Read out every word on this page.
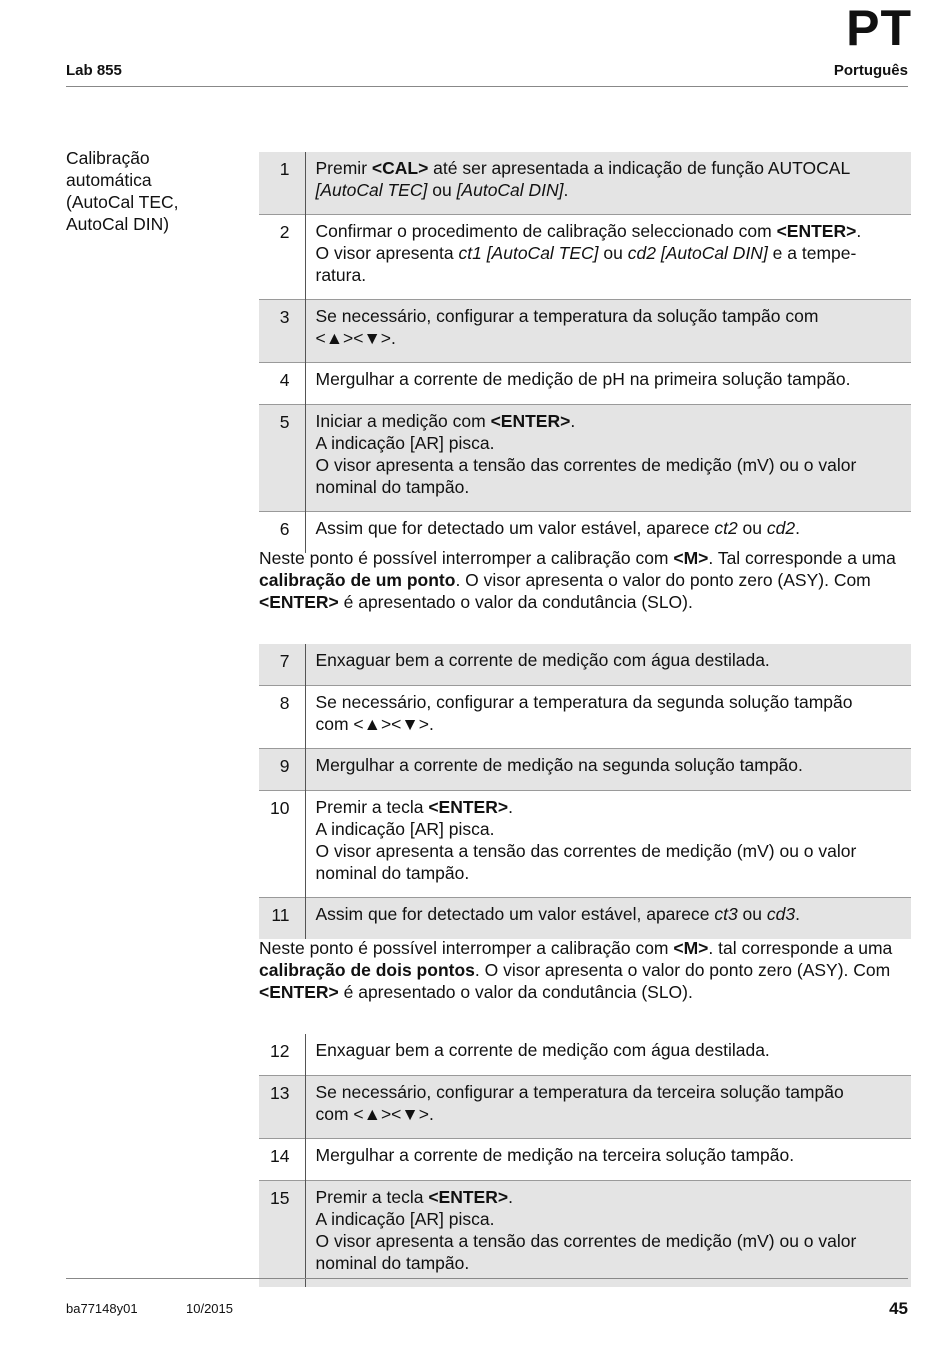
PT
Lab 855	Português
Calibração
automática
(AutoCal TEC,
AutoCal DIN)
1	Premir <CAL> até ser apresentada a indicação de função AUTOCAL
[AutoCal TEC] ou [AutoCal DIN].

2	Confirmar o procedimento de calibração seleccionado com <ENTER>.
O visor apresenta ct1 [AutoCal TEC] ou cd2 [AutoCal DIN] e a tempe-
ratura.

3	Se necessário, configurar a temperatura da solução tampão com
<▲><▼>.

4	Mergulhar a corrente de medição de pH na primeira solução tampão.

5	Iniciar a medição com <ENTER>.
A indicação [AR] pisca.
O visor apresenta a tensão das correntes de medição (mV) ou o valor
nominal do tampão.

6	Assim que for detectado um valor estável, aparece ct2 ou cd2.

Neste ponto é possível interromper a calibração com <M>. Tal corresponde a uma calibração de um ponto. O visor apresenta o valor do ponto zero (ASY). Com <ENTER> é apresentado o valor da condutância (SLO).

7	Enxaguar bem a corrente de medição com água destilada.

8	Se necessário, configurar a temperatura da segunda solução tampão
com <▲><▼>.

9	Mergulhar a corrente de medição na segunda solução tampão.

10	Premir a tecla <ENTER>.
A indicação [AR] pisca.
O visor apresenta a tensão das correntes de medição (mV) ou o valor
nominal do tampão.

11	Assim que for detectado um valor estável, aparece ct3 ou cd3.

Neste ponto é possível interromper a calibração com <M>. tal corresponde a uma calibração de dois pontos. O visor apresenta o valor do ponto zero (ASY). Com <ENTER> é apresentado o valor da condutância (SLO).

12	Enxaguar bem a corrente de medição com água destilada.

13	Se necessário, configurar a temperatura da terceira solução tampão
com <▲><▼>.

14	Mergulhar a corrente de medição na terceira solução tampão.

15	Premir a tecla <ENTER>.
A indicação [AR] pisca.
O visor apresenta a tensão das correntes de medição (mV) ou o valor
nominal do tampão.
ba77148y01	10/2015	45
